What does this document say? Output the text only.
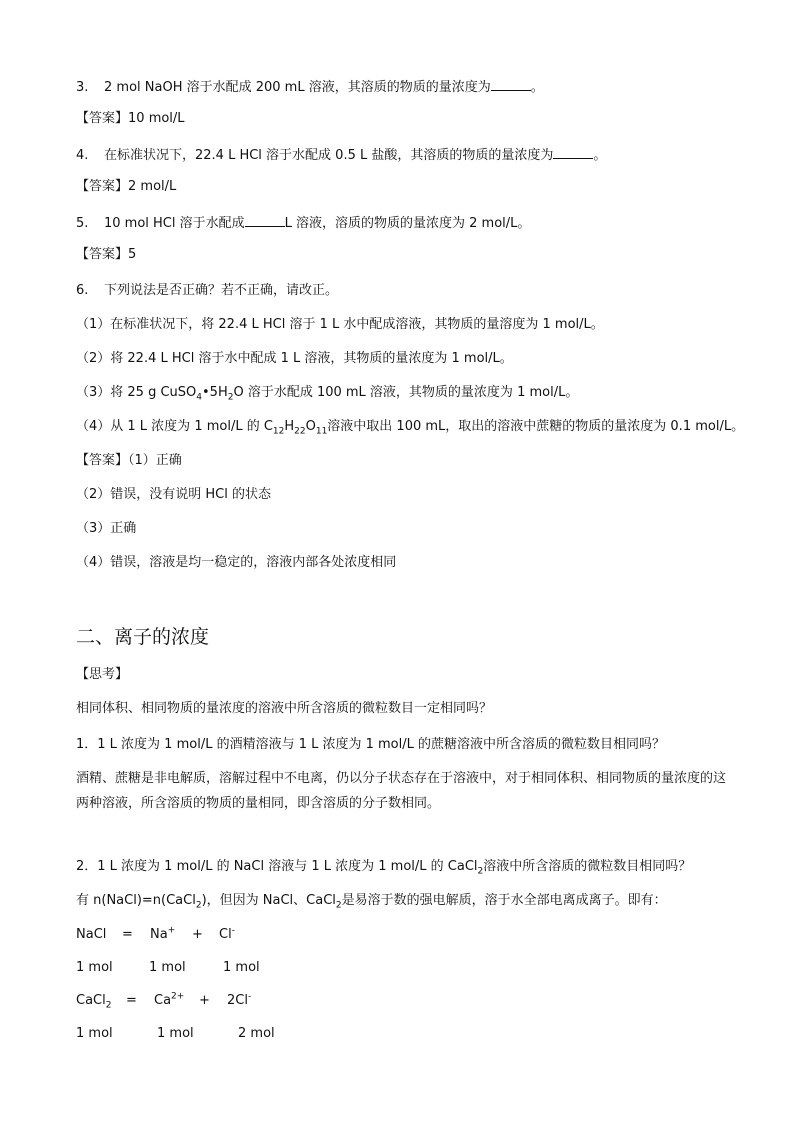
3. 2 mol NaOH 溶于水配成 200 mL 溶液，其溶质的物质的量浓度为	。
【答案】10 mol/L
4. 在标准状况下，22.4 L HCl 溶于水配成 0.5 L 盐酸，其溶质的物质的量浓度为	。
【答案】2 mol/L
5. 10 mol HCl 溶于水配成	L 溶液，溶质的物质的量浓度为 2 mol/L。
【答案】5
6. 下列说法是否正确？若不正确，请改正。
（1）在标准状况下，将 22.4 L HCl 溶于 1 L 水中配成溶液，其物质的量溶度为 1 mol/L。
（2）将 22.4 L HCl 溶于水中配成 1 L 溶液，其物质的量浓度为 1 mol/L。
（3）将 25 g $CuSO_4•5H_2O$ 溶于水配成 100 mL 溶液，其物质的量浓度为 1 mol/L。
（4）从 1 L 浓度为 1 mol/L 的 $C_{12}H_{22}O_{11}$溶液中取出 100 mL，取出的溶液中蔗糖的物质的量浓度为 0.1 mol/L。
【答案】（1）正确
（2）错误，没有说明 HCl 的状态
（3）正确
（4）错误，溶液是均一稳定的，溶液内部各处浓度相同
二、离子的浓度
【思考】
相同体积、相同物质的量浓度的溶液中所含溶质的微粒数目一定相同吗？
1．1 L 浓度为 1 mol/L 的酒精溶液与 1 L 浓度为 1 mol/L 的蔗糖溶液中所含溶质的微粒数目相同吗？
酒精、蔗糖是非电解质，溶解过程中不电离，仍以分子状态存在于溶液中，对于相同体积、相同物质的量浓度的这两种溶液，所含溶质的物质的量相同，即含溶质的分子数相同。
2．1 L 浓度为 1 mol/L 的 NaCl 溶液与 1 L 浓度为 1 mol/L 的 CaCl$_2$溶液中所含溶质的微粒数目相同吗？
有 n(NaCl)=n(CaCl$_2$)，但因为 NaCl、CaCl$_2$是易溶于数的强电解质，溶于水全部电离成离子。即有：
NaCl = Na+ + Cl-
1 mol	1 mol	1 mol
CaCl$_2$ = $Ca^{2+} + 2Cl^-$
1 mol	1 mol	2 mol
